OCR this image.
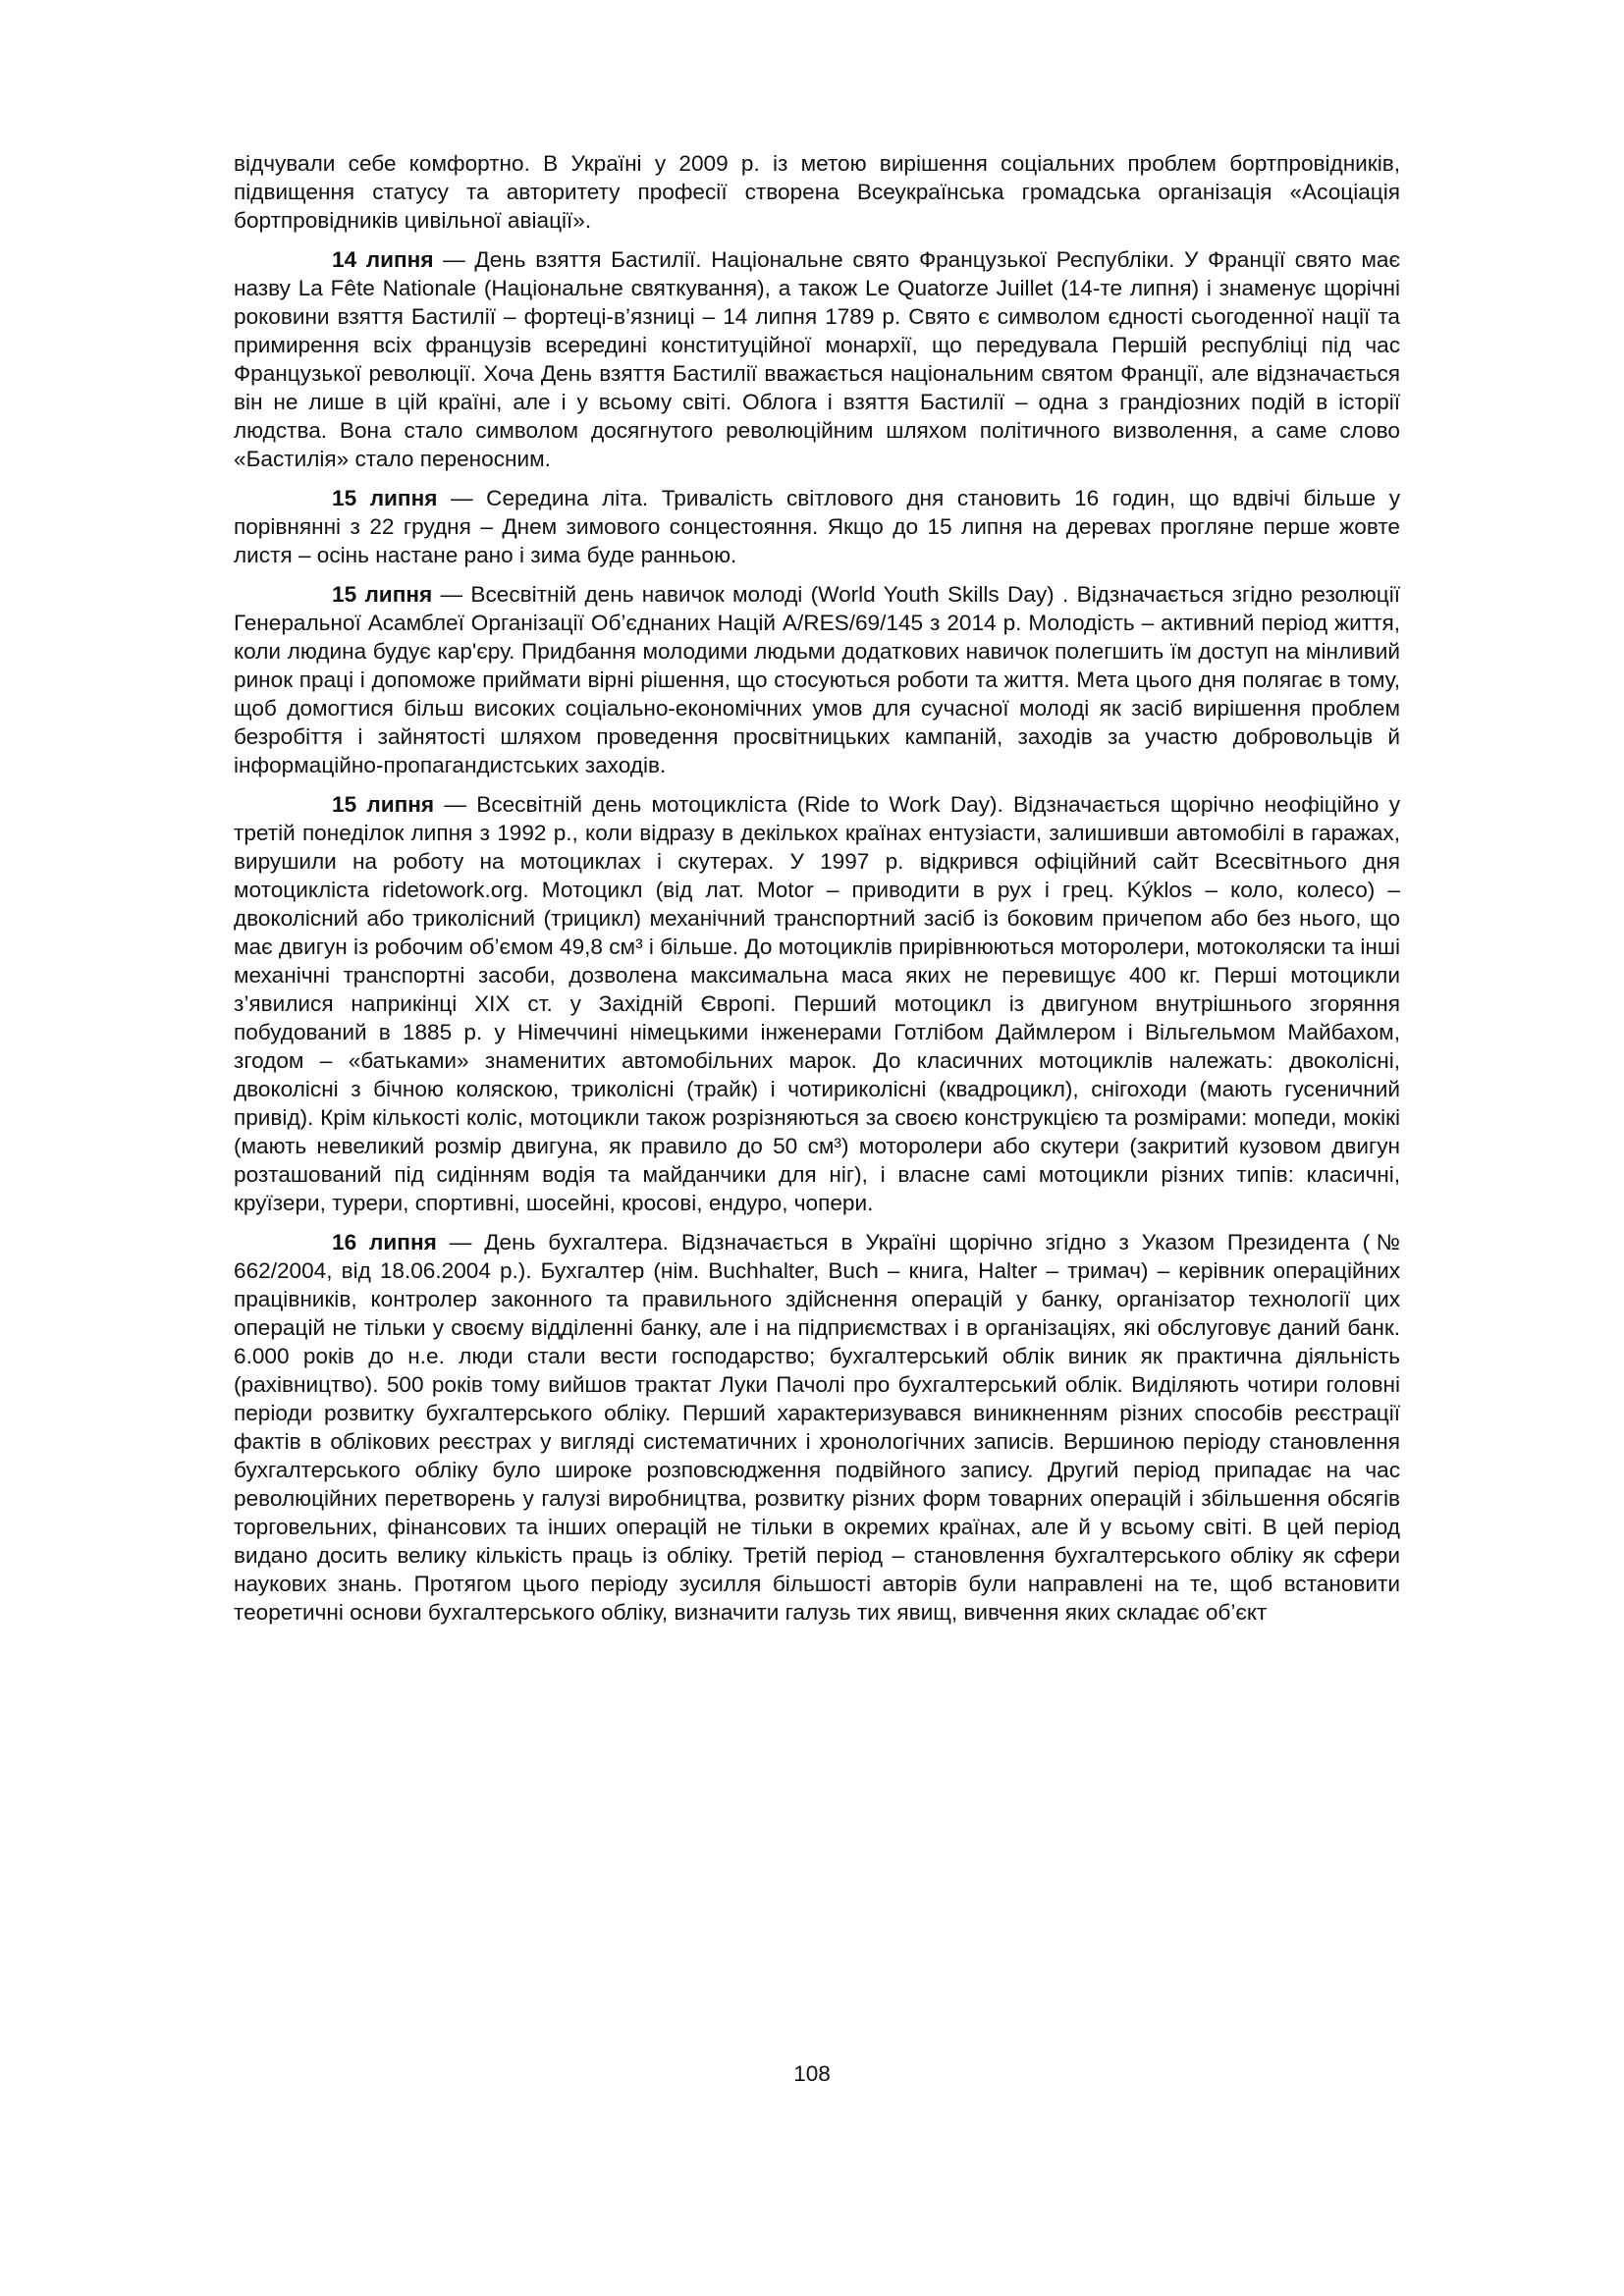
відчували себе комфортно. В Україні у 2009 р. із метою вирішення соціальних проблем бортпровідників, підвищення статусу та авторитету професії створена Всеукраїнська громадська організація «Асоціація бортпровідників цивільної авіації».

14 липня — День взяття Бастилії. Національне свято Французької Республіки. У Франції свято має назву La Fête Nationale (Національне святкування), а також Le Quatorze Juillet (14-те липня) і знаменує щорічні роковини взяття Бастилії – фортеці-в’язниці – 14 липня 1789 р. Свято є символом єдності сьогоденної нації та примирення всіх французів всередині конституційної монархії, що передувала Першій республіці під час Французької революції. Хоча День взяття Бастилії вважається національним святом Франції, але відзначається він не лише в цій країні, але і у всьому світі. Облога і взяття Бастилії – одна з грандіозних подій в історії людства. Вона стало символом досягнутого революційним шляхом політичного визволення, а саме слово «Бастилія» стало переносним.

15 липня — Середина літа. Тривалість світлового дня становить 16 годин, що вдвічі більше у порівнянні з 22 грудня – Днем зимового сонцестояння. Якщо до 15 липня на деревах прогляне перше жовте листя – осінь настане рано і зима буде ранньою.

15 липня — Всесвітній день навичок молоді (World Youth Skills Day) . Відзначається згідно резолюції Генеральної Асамблеї Організації Об’єднаних Націй A/RES/69/145 з 2014 р. Молодість – активний період життя, коли людина будує кар'єру. Придбання молодими людьми додаткових навичок полегшить їм доступ на мінливий ринок праці і допоможе приймати вірні рішення, що стосуються роботи та життя. Мета цього дня полягає в тому, щоб домогтися більш високих соціально-економічних умов для сучасної молоді як засіб вирішення проблем безробіття і зайнятості шляхом проведення просвітницьких кампаній, заходів за участю добровольців й інформаційно-пропагандистських заходів.

15 липня — Всесвітній день мотоцикліста (Ride to Work Day). Відзначається щорічно неофіційно у третій понеділок липня з 1992 р., коли відразу в декількох країнах ентузіасти, залишивши автомобілі в гаражах, вирушили на роботу на мотоциклах і скутерах. У 1997 р. відкрився офіційний сайт Всесвітнього дня мотоцикліста ridetowork.org. Мотоцикл (від лат. Motor – приводити в рух і грец. Kýklos – коло, колесо) – двоколісний або триколісний (трицикл) механічний транспортний засіб із боковим причепом або без нього, що має двигун із робочим об’ємом 49,8 см³ і більше. До мотоциклів прирівнюються моторолери, мотоколяски та інші механічні транспортні засоби, дозволена максимальна маса яких не перевищує 400 кг. Перші мотоцикли з’явилися наприкінці XIX ст. у Західній Європі. Перший мотоцикл із двигуном внутрішнього згоряння побудований в 1885 р. у Німеччині німецькими інженерами Готлібом Даймлером і Вільгельмом Майбахом, згодом – «батьками» знаменитих автомобільних марок. До класичних мотоциклів належать: двоколісні, двоколісні з бічною коляскою, триколісні (трайк) і чотириколісні (квадроцикл), снігоходи (мають гусеничний привід). Крім кількості коліс, мотоцикли також розрізняються за своєю конструкцією та розмірами: мопеди, мокікі (мають невеликий розмір двигуна, як правило до 50 см³) моторолери або скутери (закритий кузовом двигун розташований під сидінням водія та майданчики для ніг), і власне самі мотоцикли різних типів: класичні, круїзери, турери, спортивні, шосейні, кросові, ендуро, чопери.

16 липня — День бухгалтера. Відзначається в Україні щорічно згідно з Указом Президента (№ 662/2004, від 18.06.2004 р.). Бухгалтер (нім. Buchhalter, Buch – книга, Halter – тримач) – керівник операційних працівників, контролер законного та правильного здійснення операцій у банку, організатор технології цих операцій не тільки у своєму відділенні банку, але і на підприємствах і в організаціях, які обслуговує даний банк. 6.000 років до н.е. люди стали вести господарство; бухгалтерський облік виник як практична діяльність (рахівництво). 500 років тому вийшов трактат Луки Пачолі про бухгалтерський облік. Виділяють чотири головні періоди розвитку бухгалтерського обліку. Перший характеризувався виникненням різних способів реєстрації фактів в облікових реєстрах у вигляді систематичних і хронологічних записів. Вершиною періоду становлення бухгалтерського обліку було широке розповсюдження подвійного запису. Другий період припадає на час революційних перетворень у галузі виробництва, розвитку різних форм товарних операцій і збільшення обсягів торговельних, фінансових та інших операцій не тільки в окремих країнах, але й у всьому світі. В цей період видано досить велику кількість праць із обліку. Третій період – становлення бухгалтерського обліку як сфери наукових знань. Протягом цього періоду зусилля більшості авторів були направлені на те, щоб встановити теоретичні основи бухгалтерського обліку, визначити галузь тих явищ, вивчення яких складає об’єкт

108
